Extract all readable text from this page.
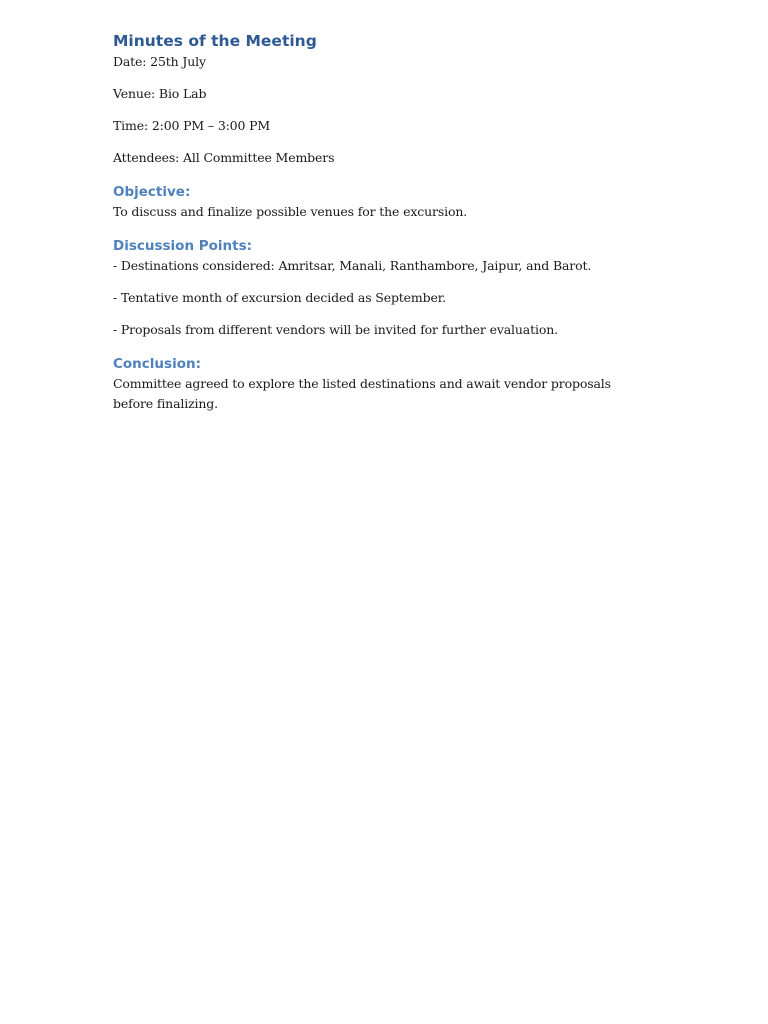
Minutes of the Meeting

Date: 25th July

Venue: Bio Lab

Time: 2:00 PM – 3:00 PM

Attendees: All Committee Members

Objective:

To discuss and finalize possible venues for the excursion.

Discussion Points:

- Destinations considered: Amritsar, Manali, Ranthambore, Jaipur, and Barot.

- Tentative month of excursion decided as September.

- Proposals from different vendors will be invited for further evaluation.

Conclusion:

Committee agreed to explore the listed destinations and await vendor proposals before finalizing.
